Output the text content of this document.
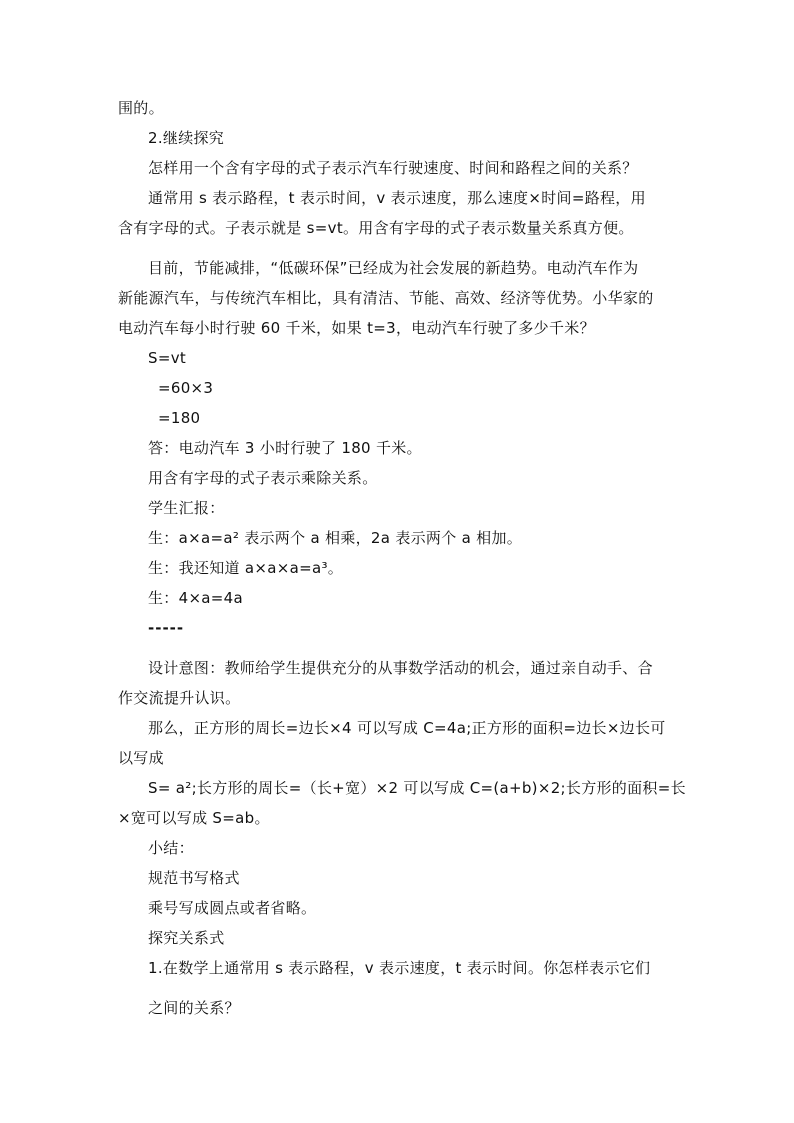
围的。
2.继续探究
怎样用一个含有字母的式子表示汽车行驶速度、时间和路程之间的关系？
通常用 s 表示路程，t 表示时间，v 表示速度，那么速度×时间=路程，用
含有字母的式。子表示就是 s=vt。用含有字母的式子表示数量关系真方便。
目前，节能减排，“低碳环保”已经成为社会发展的新趋势。电动汽车作为
新能源汽车，与传统汽车相比，具有清洁、节能、高效、经济等优势。小华家的
电动汽车每小时行驶 60 千米，如果 t=3，电动汽车行驶了多少千米？
S=vt
=60×3
=180
答：电动汽车 3 小时行驶了 180 千米。
用含有字母的式子表示乘除关系。
学生汇报：
生：a×a=a² 表示两个 a 相乘，2a 表示两个 a 相加。
生：我还知道 a×a×a=a³。
生：4×a=4a
-----
设计意图：教师给学生提供充分的从事数学活动的机会，通过亲自动手、合
作交流提升认识。
那么，正方形的周长=边长×4 可以写成 C=4a;正方形的面积=边长×边长可
以写成
S= a²;长方形的周长=（长+宽）×2 可以写成 C=(a+b)×2;长方形的面积=长
×宽可以写成 S=ab。
小结：
规范书写格式
乘号写成圆点或者省略。
探究关系式
1.在数学上通常用 s 表示路程，v 表示速度，t 表示时间。你怎样表示它们
之间的关系？
